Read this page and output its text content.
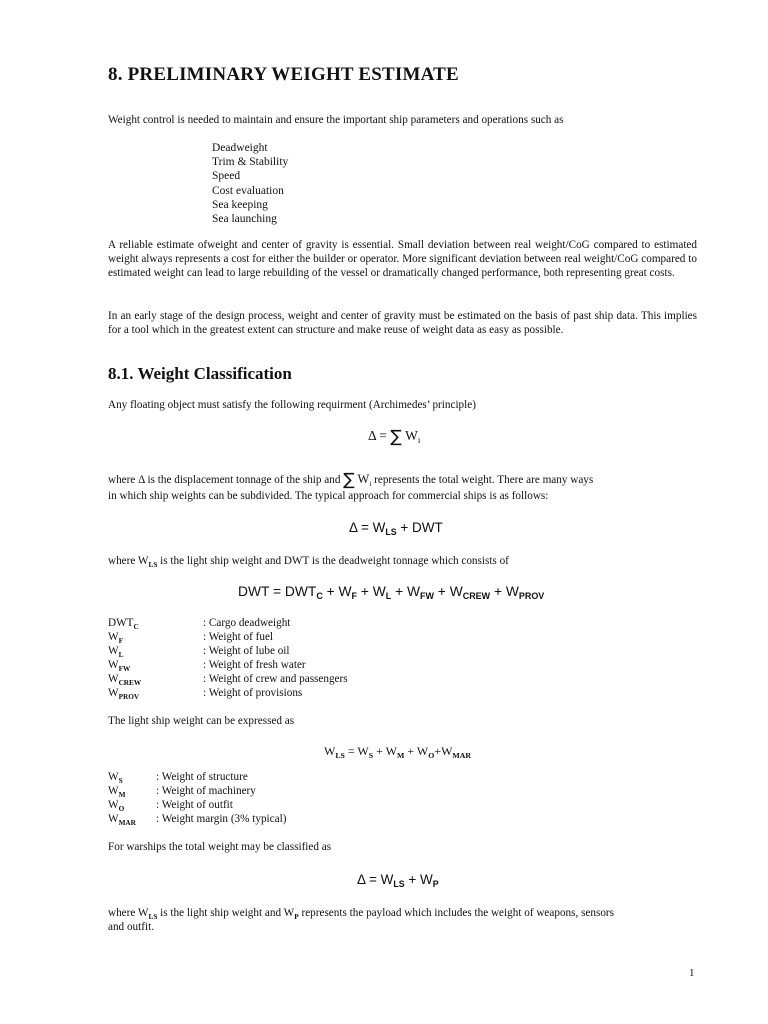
8. PRELIMINARY WEIGHT ESTIMATE
Weight control is needed to maintain and ensure the important ship parameters and operations such as
Deadweight
Trim & Stability
Speed
Cost evaluation
Sea keeping
Sea launching

A reliable estimate ofweight and center of gravity is essential. Small deviation between real weight/CoG compared to estimated weight always represents a cost for either the builder or operator. More significant deviation between real weight/CoG compared to estimated weight can lead to large rebuilding of the vessel or dramatically changed performance, both representing great costs.

In an early stage of the design process, weight and center of gravity must be estimated on the basis of past ship data. This implies for a tool which in the greatest extent can structure and make reuse of weight data as easy as possible.

8.1. Weight Classification
Any floating object must satisfy the following requirment (Archimedes’ principle)
Δ = ∑ $W_i$
where Δ is the displacement tonnage of the ship and ∑ $W_i$ represents the total weight. There are many ways
in which ship weights can be subdivided. The typical approach for commercial ships is as follows:
$\Delta = W_{LS}$ + DWT
where $W_{LS}$ is the light ship weight and DWT is the deadweight tonnage which consists of
DWT = $DWT_C + W_F + W_L + W_{FW} + W_{CREW} + W_{PROV}$
$DWT_C$	: Cargo deadweight
$W_F$	: Weight of fuel
$W_L$	: Weight of lube oil
$W_{FW}$	: Weight of fresh water
$W_{CREW}$	: Weight of crew and passengers
$W_{PROV}$	: Weight of provisions
The light ship weight can be expressed as
$W_{LS} = W_S + W_M + W_O+W_{MAR}$
$W_S$	: Weight of structure
$W_M$	: Weight of machinery
$W_O$	: Weight of outfit
$W_{MAR}$ : Weight margin (3% typical)
For warships the total weight may be classified as
$\Delta = W_{LS} + W_P$
where $W_{LS}$ is the light ship weight and $W_P$ represents the payload which includes the weight of weapons, sensors
and outfit.
1
